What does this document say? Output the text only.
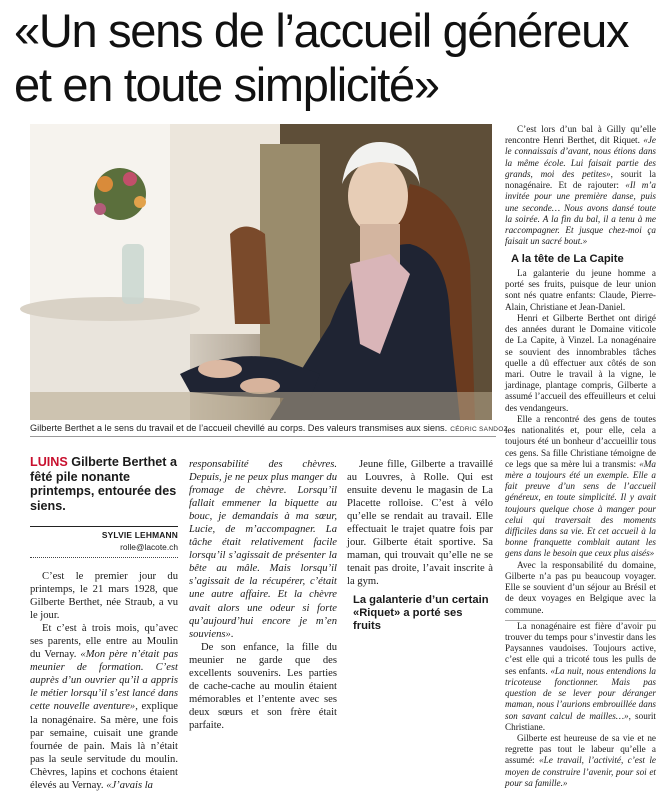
«Un sens de l’accueil généreux et en toute simplicité»
Gilberte Berthet a le sens du travail et de l’accueil chevillé au corps. Des valeurs transmises aux siens. CÉDRIC SANDOZ
LUINS Gilberte Berthet a fêté pile nonante printemps, entourée des siens.
SYLVIE LEHMANN
rolle@lacote.ch

C’est le premier jour du printemps, le 21 mars 1928, que Gilberte Berthet, née Straub, a vu le jour.

Et c’est à trois mois, qu’avec ses parents, elle entre au Moulin du Vernay. «Mon père n’était pas meunier de formation. C’est auprès d’un ouvrier qu’il a appris le métier lorsqu’il s’est lancé dans cette nouvelle aventure», explique la nonagénaire. Sa mère, une fois par semaine, cuisait une grande fournée de pain. Mais là n’était pas la seule servitude du moulin. Chèvres, lapins et cochons étaient élevés au Vernay. «J’avais la

responsabilité des chèvres. Depuis, je ne peux plus manger du fromage de chèvre. Lorsqu’il fallait emmener la biquette au bouc, je demandais à ma sœur, Lucie, de m’accompagner. La tâche était relativement facile lorsqu’il s’agissait de présenter la bête au mâle. Mais lorsqu’il s’agissait de la récupérer, c’était une autre affaire. Et la chèvre avait alors une odeur si forte qu’aujourd’hui encore je m’en souviens».

De son enfance, la fille du meunier ne garde que des excellents souvenirs. Les parties de cache-cache au moulin étaient mémorables et l’entente avec ses deux sœurs et son frère était parfaite.

Jeune fille, Gilberte a travaillé au Louvres, à Rolle. Qui est ensuite devenu le magasin de La Placette rolloise. C’est à vélo qu’elle se rendait au travail. Elle effectuait le trajet quatre fois par jour. Gilberte était sportive. Sa maman, qui trouvait qu’elle ne se tenait pas droite, l’avait inscrite à la gym.

La galanterie d’un certain «Riquet» a porté ses fruits

C’est lors d’un bal à Gilly qu’elle rencontre Henri Berthet, dit Riquet. «Je le connaissais d’avant, nous étions dans la même école. Lui faisait partie des grands, moi des petites», sourit la nonagénaire. Et de rajouter: «Il m’a invitée pour une première danse, puis une seconde… Nous avons dansé toute la soirée. A la fin du bal, il a tenu à me raccompagner. Et jusque chez-moi ça faisait un sacré bout.»

A la tête de La Capite

La galanterie du jeune homme a porté ses fruits, puisque de leur union sont nés quatre enfants: Claude, Pierre-Alain, Christiane et Jean-Daniel.

Henri et Gilberte Berthet ont dirigé des années durant le Domaine viticole de La Capite, à Vinzel. La nonagénaire se souvient des innombrables tâches quelle a dû effectuer aux côtés de son mari. Outre le travail à la vigne, le jardinage, plantage compris, Gilberte a assumé l’accueil des effeuilleurs et celui des vendangeurs.

Elle a rencontré des gens de toutes les nationalités et, pour elle, cela a toujours été un bonheur d’accueillir tous ces gens. Sa fille Christiane témoigne de ce legs que sa mère lui a transmis: «Ma mère a toujours été un exemple. Elle a fait preuve d’un sens de l’accueil généreux, en toute simplicité. Il y avait toujours quelque chose à manger pour celui qui traversait des moments difficiles dans sa vie. Et cet accueil à la bonne franquette comblait autant les gens dans le besoin que ceux plus aisés»

Avec la responsabilité du domaine, Gilberte n’a pas pu beaucoup voyager. Elle se souvient d’un séjour au Brésil et de deux voyages en Belgique avec la commune.

La nonagénaire est fière d’avoir pu trouver du temps pour s’investir dans les Paysannes vaudoises. Toujours active, c’est elle qui a tricoté tous les pulls de ses enfants. «La nuit, nous entendions la tricoteuse fonctionner. Mais pas question de se lever pour déranger maman, nous l’aurions embrouillée dans son savant calcul de mailles…», sourit Christiane.

Gilberte est heureuse de sa vie et ne regrette pas tout le labeur qu’elle a assumé: «Le travail, l’activité, c’est le moyen de construire l’avenir, pour soi et pour sa famille.»
